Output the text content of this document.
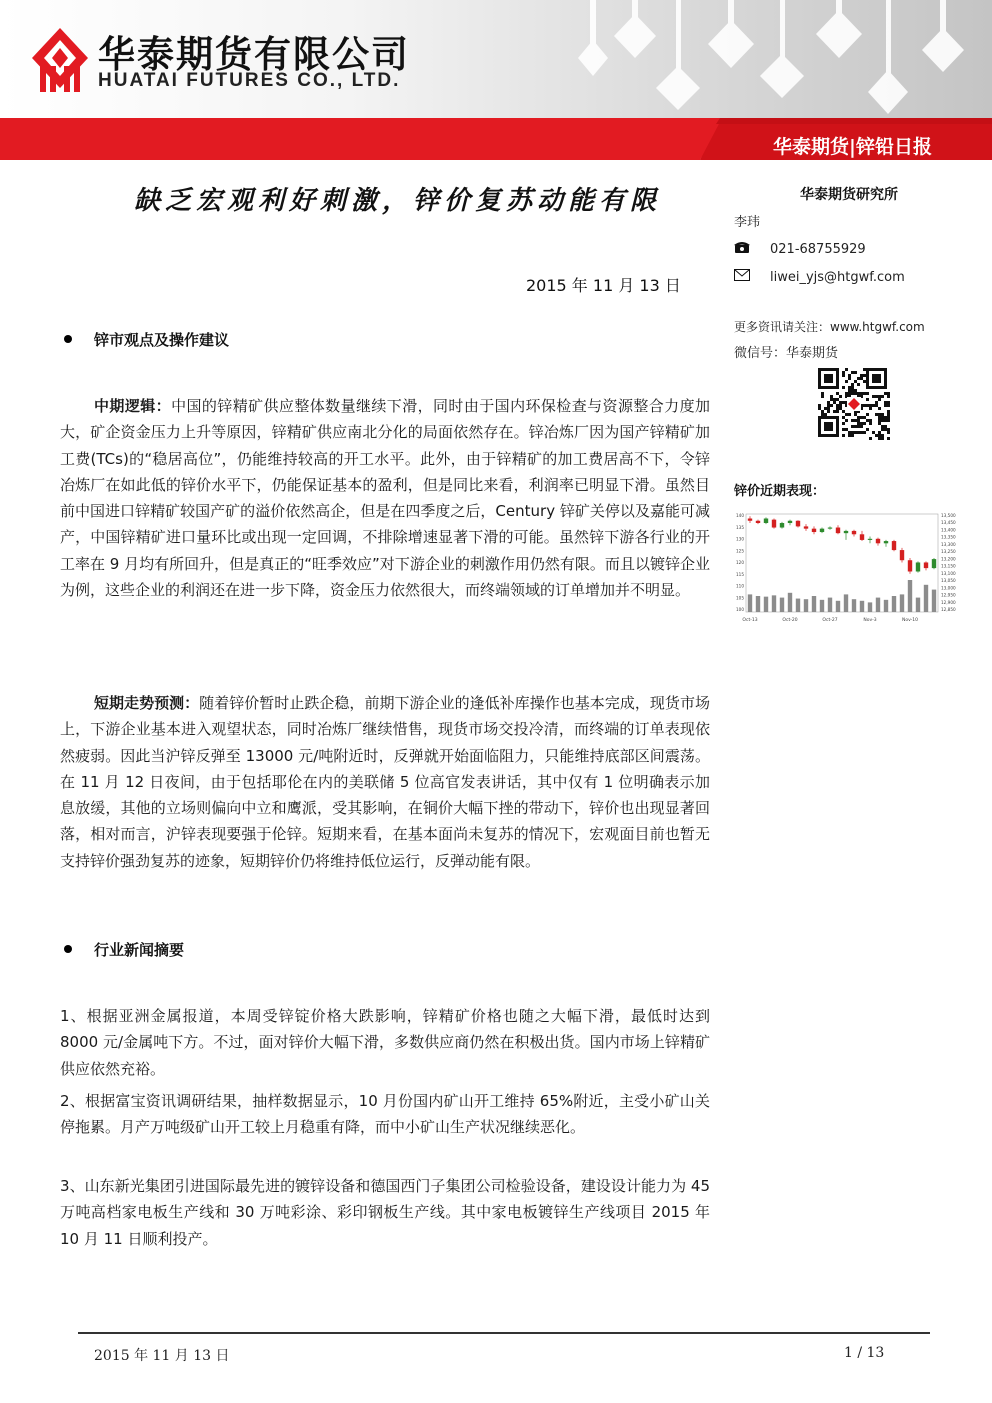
华泰期货有限公司
HUATAI FUTURES CO., LTD.
华泰期货|锌铅日报
缺乏宏观利好刺激，锌价复苏动能有限
2015 年 11 月 13 日
锌市观点及操作建议

中期逻辑：中国的锌精矿供应整体数量继续下滑，同时由于国内环保检查与资源整合力度加大，矿企资金压力上升等原因，锌精矿供应南北分化的局面依然存在。锌冶炼厂因为国产锌精矿加工费(TCs)的“稳居高位”，仍能维持较高的开工水平。此外，由于锌精矿的加工费居高不下，令锌冶炼厂在如此低的锌价水平下，仍能保证基本的盈利，但是同比来看，利润率已明显下滑。虽然目前中国进口锌精矿较国产矿的溢价依然高企，但是在四季度之后，Century 锌矿关停以及嘉能可减产，中国锌精矿进口量环比或出现一定回调，不排除增速显著下滑的可能。虽然锌下游各行业的开工率在 9 月均有所回升，但是真正的“旺季效应”对下游企业的刺激作用仍然有限。而且以镀锌企业为例，这些企业的利润还在进一步下降，资金压力依然很大，而终端领域的订单增加并不明显。

短期走势预测：随着锌价暂时止跌企稳，前期下游企业的逢低补库操作也基本完成，现货市场上，下游企业基本进入观望状态，同时冶炼厂继续惜售，现货市场交投冷清，而终端的订单表现依然疲弱。因此当沪锌反弹至 13000 元/吨附近时，反弹就开始面临阻力，只能维持底部区间震荡。在 11 月 12 日夜间，由于包括耶伦在内的美联储 5 位高官发表讲话，其中仅有 1 位明确表示加息放缓，其他的立场则偏向中立和鹰派，受其影响，在铜价大幅下挫的带动下，锌价也出现显著回落，相对而言，沪锌表现要强于伦锌。短期来看，在基本面尚未复苏的情况下，宏观面目前也暂无支持锌价强劲复苏的迹象，短期锌价仍将维持低位运行，反弹动能有限。

行业新闻摘要

1、根据亚洲金属报道，本周受锌锭价格大跌影响，锌精矿价格也随之大幅下滑，最低时达到 8000 元/金属吨下方。不过，面对锌价大幅下滑，多数供应商仍然在积极出货。国内市场上锌精矿供应依然充裕。

2、根据富宝资讯调研结果，抽样数据显示，10 月份国内矿山开工维持 65%附近，主受小矿山关停拖累。月产万吨级矿山开工较上月稳重有降，而中小矿山生产状况继续恶化。

3、山东新光集团引进国际最先进的镀锌设备和德国西门子集团公司检验设备，建设设计能力为 45 万吨高档家电板生产线和 30 万吨彩涂、彩印钢板生产线。其中家电板镀锌生产线项目 2015 年 10 月 11 日顺利投产。

华泰期货研究所
李玮
021-68755929
liwei_yjs@htgwf.com
更多资讯请关注：www.htgwf.com
微信号：华泰期货
锌价近期表现：
Oct-13	Oct-20	Oct-27	Nov-3	Nov-10
140
135
130
125
120
115
110
105
100
13,500
13,450
13,400
13,350
13,300
13,250
13,200
13,150
13,100
13,050
13,000
12,950
12,900
12,850
2015 年 11 月 13 日	1 / 13
